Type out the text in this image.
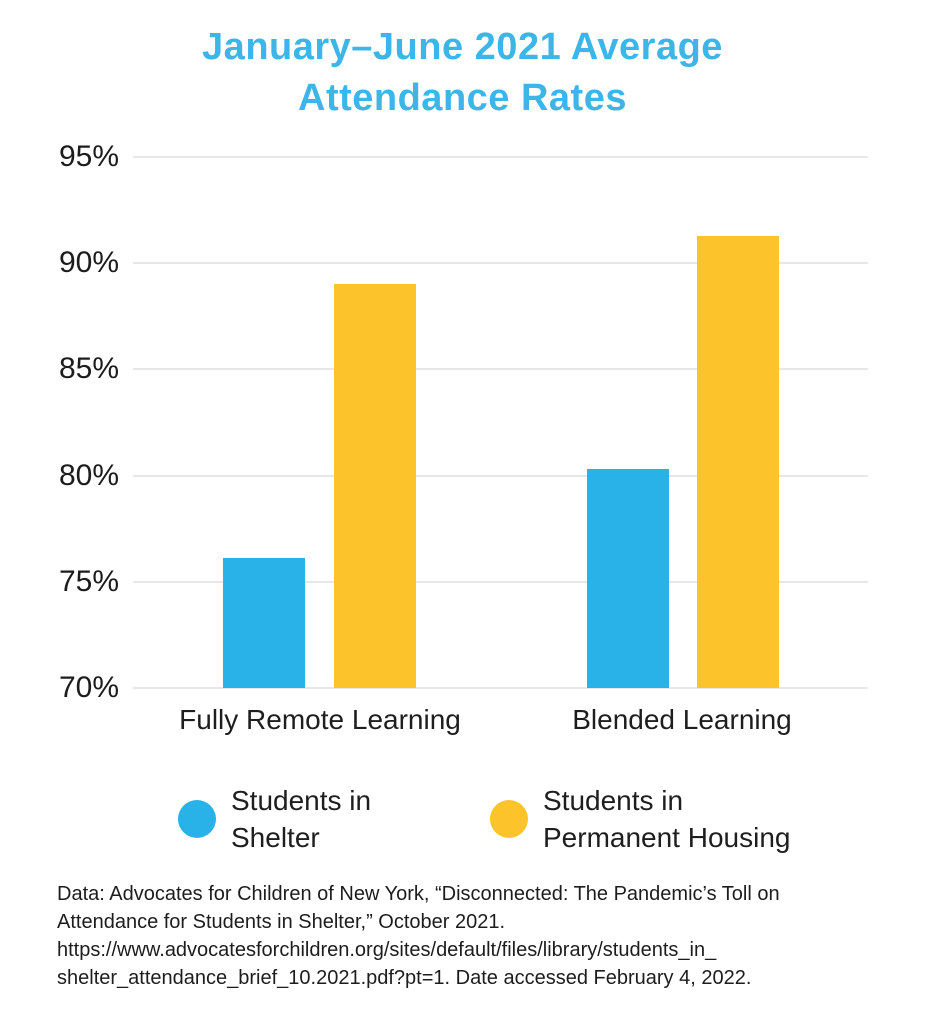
January–June 2021 Average
Attendance Rates
95%
90%
85%
80%
75%
70%
Fully Remote Learning	Blended Learning
Students in
Shelter
Students in
Permanent Housing
Data: Advocates for Children of New York, “Disconnected: The Pandemic’s Toll on
Attendance for Students in Shelter,” October 2021.
https://www.advocatesforchildren.org/sites/default/files/library/students_in_
shelter_attendance_brief_10.2021.pdf?pt=1. Date accessed February 4, 2022.
